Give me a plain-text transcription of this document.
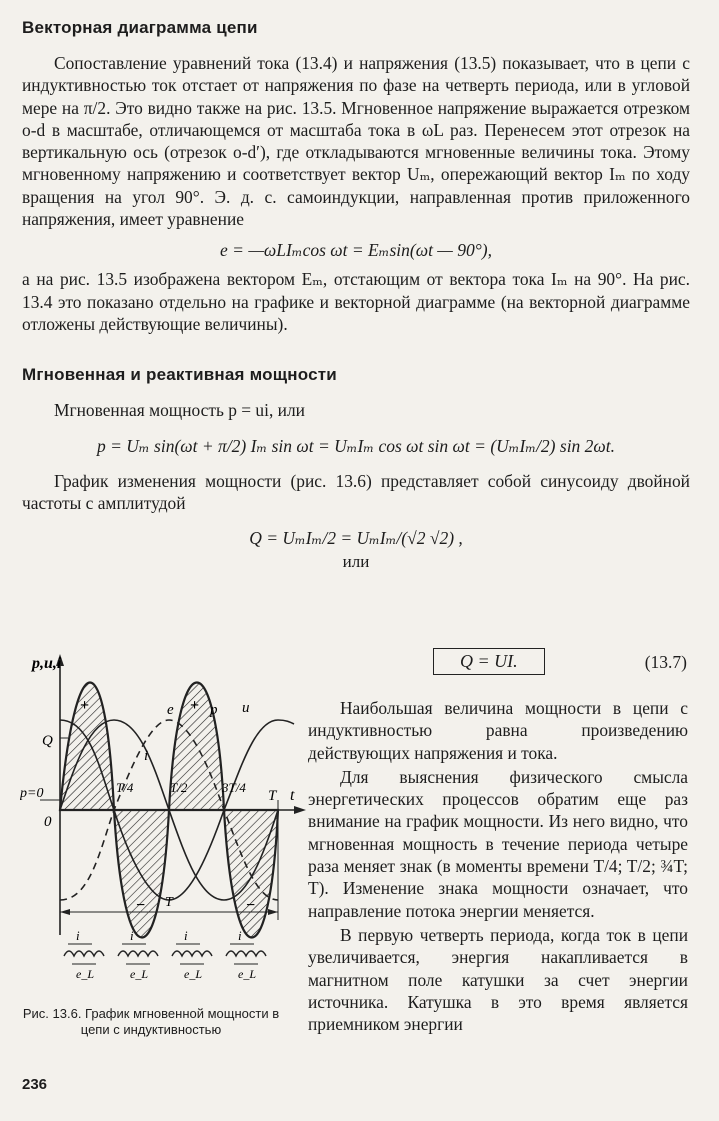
Векторная диаграмма цепи

Сопоставление уравнений тока (13.4) и напряжения (13.5) показывает, что в цепи с индуктивностью ток отстает от напряжения по фазе на четверть периода, или в угловой мере на π/2. Это видно также на рис. 13.5. Мгновенное напряжение выражается отрезком o-d в масштабе, отличающемся от масштаба тока в ωL раз. Перенесем этот отрезок на вертикальную ось (отрезок o-d′), где откладываются мгновенные величины тока. Этому мгновенному напряжению и соответствует вектор Uₘ, опережающий вектор Iₘ по ходу вращения на угол 90°. Э. д. с. самоиндукции, направленная против приложенного напряжения, имеет уравнение

e = —ωLIₘcos ωt = Eₘsin(ωt — 90°),

а на рис. 13.5 изображена вектором Eₘ, отстающим от вектора тока Iₘ на 90°. На рис. 13.4 это показано отдельно на графике и векторной диаграмме (на векторной диаграмме отложены действующие величины).

Мгновенная и реактивная мощности

Мгновенная мощность p = ui, или

p = Uₘ sin(ωt + π/2) Iₘ sin ωt = UₘIₘ cos ωt sin ωt = (UₘIₘ/2) sin 2ωt.

График изменения мощности (рис. 13.6) представляет собой синусоиду двойной частоты с амплитудой

Q = UₘIₘ/2 = UₘIₘ/(√2 √2) ,
или
Q = UI.	(13.7)

Наибольшая величина мощности в цепи с индуктивностью равна произведению действующих напряжения и тока.

Для выяснения физического смысла энергетических процессов обратим еще раз внимание на график мощности. Из него видно, что мгновенная мощность в течение периода четыре раза меняет знак (в моменты времени T/4; T/2; ¾T; T). Изменение знака мощности означает, что направление потока энергии меняется.

В первую четверть периода, когда ток в цепи увеличивается, энергия накапливается в магнитном поле катушки за счет энергии источника. Катушка в это время является приемником энергии

p,u,i
t
0
Q
p=0
e p u
i
T/4	T/2	3T/4
T
T
+	+
−	−
i
e_L
i
e_L
i
e_L
i
e_L
Рис. 13.6. График мгновенной мощности в цепи с индуктивностью
236
